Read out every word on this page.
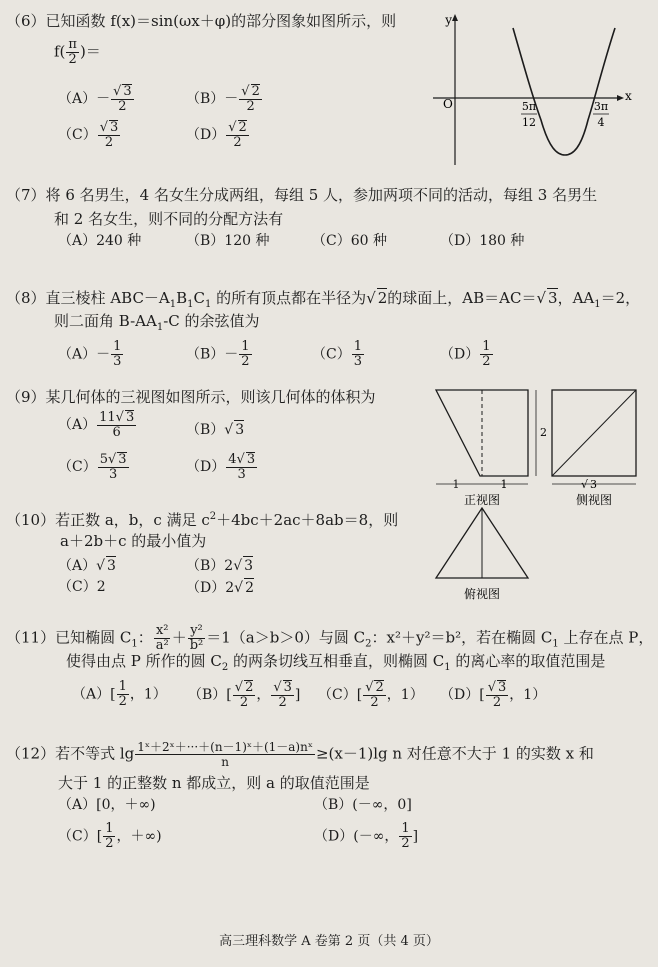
（6）已知函数 f(x)＝sin(ωx＋φ)的部分图象如图所示，则
$f( \frac{\pi}{2}$ )＝
（A）－ √ $\frac{3}{2}$	（B）－ √ $\frac{2}{2}$
（C） √ $\frac{3}{2}$	（D） √ $\frac{2}{2}$
y
x
O	5π
12
3π
4
（7）将 6 名男生，4 名女生分成两组，每组 5 人，参加两项不同的活动，每组 3 名男生
和 2 名女生，则不同的分配方法有
（A）240 种	（B）120 种	（C）60 种	（D）180 种
（8）直三棱柱 $ABC-A_1B_1C_1$ 的所有顶点都在半径为 √ 2的球面上，AB＝AC＝ √ 3，$AA_1=2$，
则二面角 $B-AA_1-C$ 的余弦值为
$(A)- \frac{1}{3}$	$(B)- \frac{1}{2}$	$(C) \frac{1}{3}$	$(D) \frac{1}{2}$
（9）某几何体的三视图如图所示，则该几何体的体积为
$(A) \frac{11 √ 3}{6}$	（B） √ 3
$(C) \frac{5 √ 3}{3}$	$(D) \frac{4 √ 3}{3}$
2
1	1
正视图
√ 3
侧视图
俯视图
（10）若正数 a，b，c 满足 $c^2+4bc+2ac+8ab=8$，则
a＋2b＋c 的最小值为
（A） √ 3	（B）2 √ 3
（C）2	（D）2 √ 2
（11）已知椭圆 $C_1$： $\frac{\text{x²}}{\text{a²}} + \frac{\text{y²}}{\text{b²}} =1(a>b>0)$与圆 $C_2$：x²＋y²＝b²，若在椭圆 $C_1$ 上存在点 P，
使得由点 P 所作的圆 $C_2$ 的两条切线互相垂直，则椭圆 $C_1$ 的离心率的取值范围是
$(A)[ \frac{1}{2}$ ，1） （B）[ √ $\frac{2}{2}$ ， √ $\frac{3}{2}$ ] （C）[ √ $\frac{2}{2}$ ，1） （D）[ √ $\frac{3}{2}$ ，1）
（12）若不等式 $\lg \frac{\text{1ˣ＋2ˣ＋···＋(n－1)ˣ＋(1－a)nˣ}}{n} \ge(x-1)\lg$ n 对任意不大于 1 的实数 x 和
大于 1 的正整数 n 都成立，则 a 的取值范围是
（A）[0，＋∞)	（B）(－∞，0]
$(C)[ \frac{1}{2}$ ，＋∞)	（D）(－∞， $\frac{1}{2}$ ]
高三理科数学 A 卷第 2 页（共 4 页）
